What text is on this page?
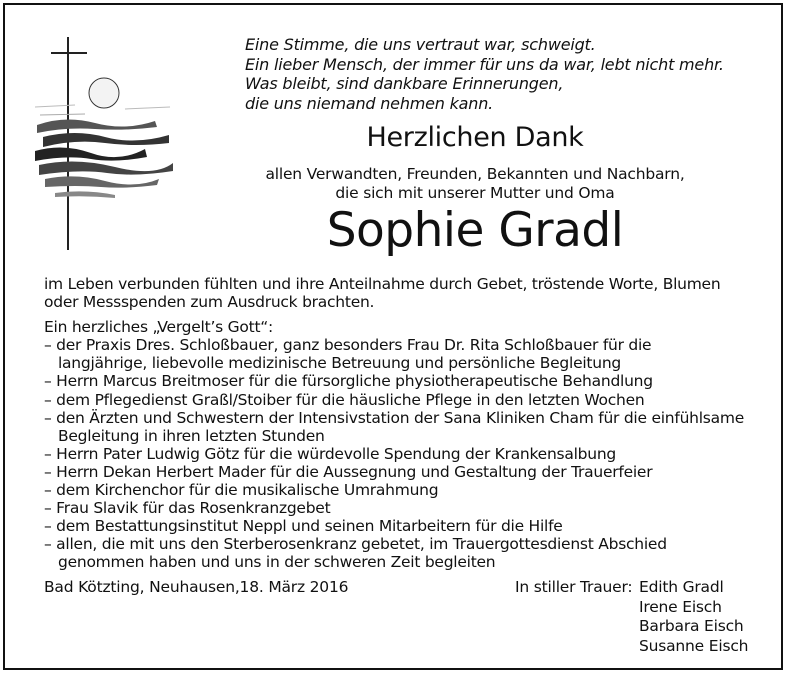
Eine Stimme, die uns vertraut war, schweigt.
Ein lieber Mensch, der immer für uns da war, lebt nicht mehr.
Was bleibt, sind dankbare Erinnerungen,
die uns niemand nehmen kann.
Herzlichen Dank
allen Verwandten, Freunden, Bekannten und Nachbarn,
die sich mit unserer Mutter und Oma
Sophie Gradl
im Leben verbunden fühlten und ihre Anteilnahme durch Gebet, tröstende Worte, Blumen
oder Messspenden zum Ausdruck brachten.
Ein herzliches „Vergelt’s Gott“:
– der Praxis Dres. Schloßbauer, ganz besonders Frau Dr. Rita Schloßbauer für die
langjährige, liebevolle medizinische Betreuung und persönliche Begleitung
– Herrn Marcus Breitmoser für die fürsorgliche physiotherapeutische Behandlung
– dem Pflegedienst Graßl/Stoiber für die häusliche Pflege in den letzten Wochen
– den Ärzten und Schwestern der Intensivstation der Sana Kliniken Cham für die einfühlsame
Begleitung in ihren letzten Stunden
– Herrn Pater Ludwig Götz für die würdevolle Spendung der Krankensalbung
– Herrn Dekan Herbert Mader für die Aussegnung und Gestaltung der Trauerfeier
– dem Kirchenchor für die musikalische Umrahmung
– Frau Slavik für das Rosenkranzgebet
– dem Bestattungsinstitut Neppl und seinen Mitarbeitern für die Hilfe
– allen, die mit uns den Sterberosenkranz gebetet, im Trauergottesdienst Abschied
genommen haben und uns in der schweren Zeit begleiten
Bad Kötzting, Neuhausen,18. März 2016	In stiller Trauer: Edith Gradl
Irene Eisch
Barbara Eisch
Susanne Eisch
